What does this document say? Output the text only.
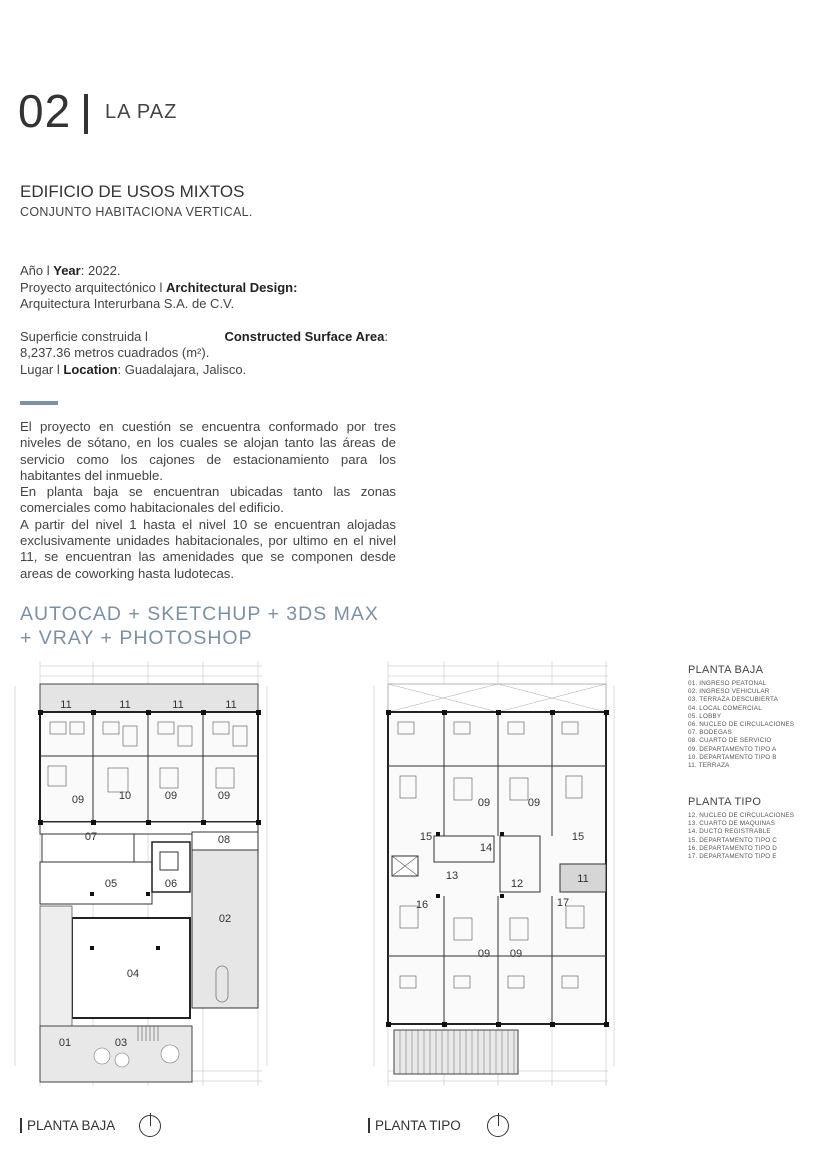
02 LA PAZ
EDIFICIO DE USOS MIXTOS
CONJUNTO HABITACIONA VERTICAL.
Año l Year: 2022.
Proyecto arquitectónico l Architectural Design:
Arquitectura Interurbana S.A. de C.V.
Superficie construida l	Constructed Surface Area:
8,237.36 metros cuadrados (m²).
Lugar l Location: Guadalajara, Jalisco.

El proyecto en cuestión se encuentra conformado por tres niveles de sótano, en los cuales se alojan tanto las áreas de servicio como los cajones de estacionamiento para los habitantes del inmueble.

En planta baja se encuentran ubicadas tanto las zonas comerciales como habitacionales del edificio.

A partir del nivel 1 hasta el nivel 10 se encuentran alojadas exclusivamente unidades habitacionales, por ultimo en el nivel 11, se encuentran las amenidades que se componen desde areas de coworking hasta ludotecas.

AUTOCAD + SKETCHUP + 3DS MAX
+ VRAY + PHOTOSHOP
11	11	11	11
09	10	09	09
07	08
05	06
02
04
01	03
09	09
15
14
15
13
12	11
16	17
09 09
PLANTA BAJA	PLANTA TIPO
PLANTA BAJA
01. INGRESO PEATONAL
02. INGRESO VEHICULAR
03. TERRAZA DESCUBIERTA
04. LOCAL COMERCIAL
05. LOBBY
06. NUCLEO DE CIRCULACIONES
07. BODEGAS
08. CUARTO DE SERVICIO
09. DEPARTAMENTO TIPO A
10. DEPARTAMENTO TIPO B
11. TERRAZA
PLANTA TIPO
12. NUCLEO DE CIRCULACIONES
13. CUARTO DE MAQUINAS
14. DUCTO REGISTRABLE
15. DEPARTAMENTO TIPO C
16. DEPARTAMENTO TIPO D
17. DEPARTAMENTO TIPO E
